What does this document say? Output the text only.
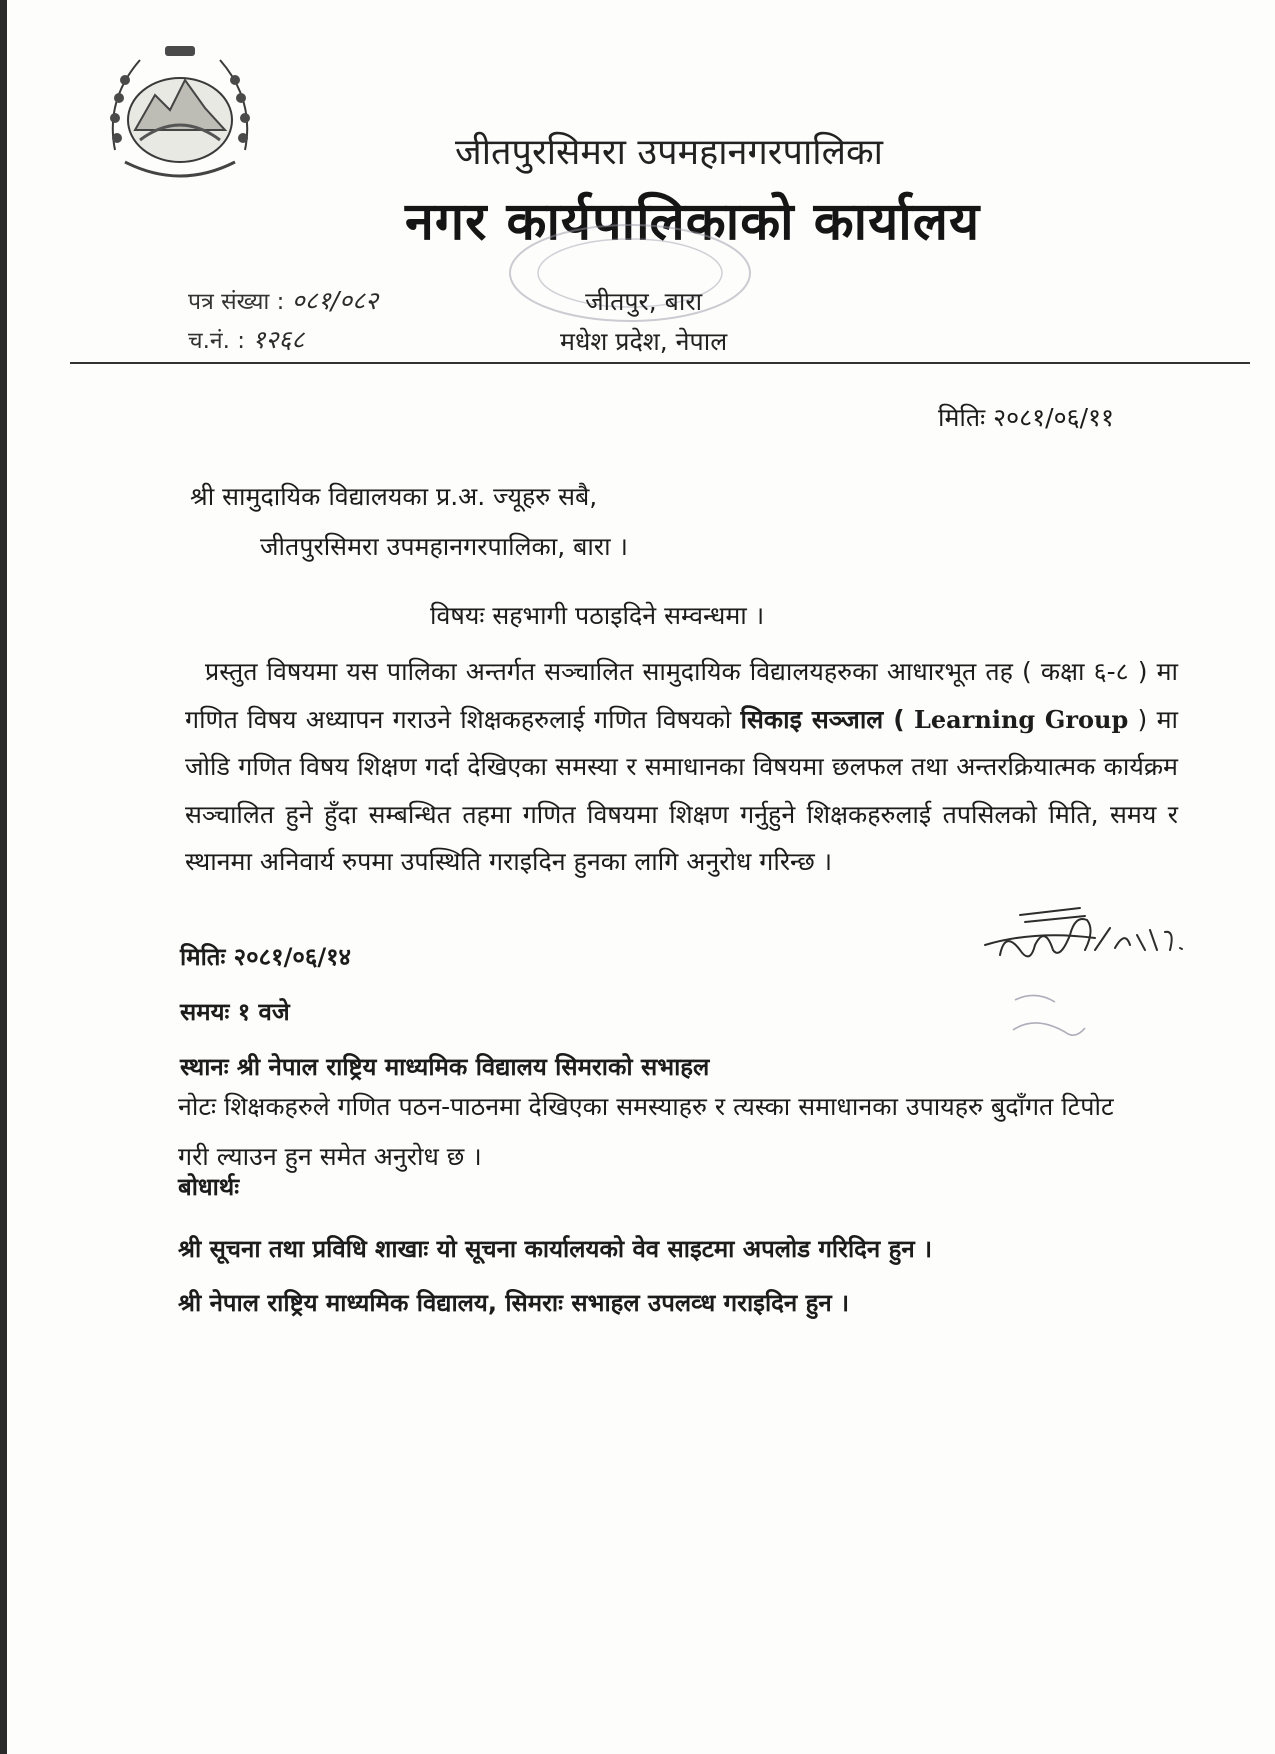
जीतपुरसिमरा उपमहानगरपालिका
नगर कार्यपालिकाको कार्यालय
पत्र संख्या : ०८१/०८२
च.नं. : १२६८
जीतपुर, बारा
मधेश प्रदेश, नेपाल
मितिः २०८१/०६/११
श्री सामुदायिक विद्यालयका प्र.अ. ज्यूहरु सबै,
जीतपुरसिमरा उपमहानगरपालिका, बारा ।
विषयः सहभागी पठाइदिने सम्वन्धमा ।
प्रस्तुत विषयमा यस पालिका अन्तर्गत सञ्चालित सामुदायिक विद्यालयहरुका आधारभूत तह ( कक्षा ६-८ ) मा गणित विषय अध्यापन गराउने शिक्षकहरुलाई गणित विषयको सिकाइ सञ्जाल ( Learning Group ) मा जोडि गणित विषय शिक्षण गर्दा देखिएका समस्या र समाधानका विषयमा छलफल तथा अन्तरक्रियात्मक कार्यक्रम सञ्चालित हुने हुँदा सम्बन्धित तहमा गणित विषयमा शिक्षण गर्नुहुने शिक्षकहरुलाई तपसिलको मिति, समय र स्थानमा अनिवार्य रुपमा उपस्थिति गराइदिन हुनका लागि अनुरोध गरिन्छ ।
मितिः २०८१/०६/१४
समयः १ वजे
स्थानः श्री नेपाल राष्ट्रिय माध्यमिक विद्यालय सिमराको सभाहल
नोटः शिक्षकहरुले गणित पठन-पाठनमा देखिएका समस्याहरु र त्यस्का समाधानका उपायहरु बुदाँगत टिपोट गरी ल्याउन हुन समेत अनुरोध छ ।
बोधार्थः
श्री सूचना तथा प्रविधि शाखाः यो सूचना कार्यालयको वेव साइटमा अपलोड गरिदिन हुन ।
श्री नेपाल राष्ट्रिय माध्यमिक विद्यालय, सिमराः सभाहल उपलव्ध गराइदिन हुन ।
